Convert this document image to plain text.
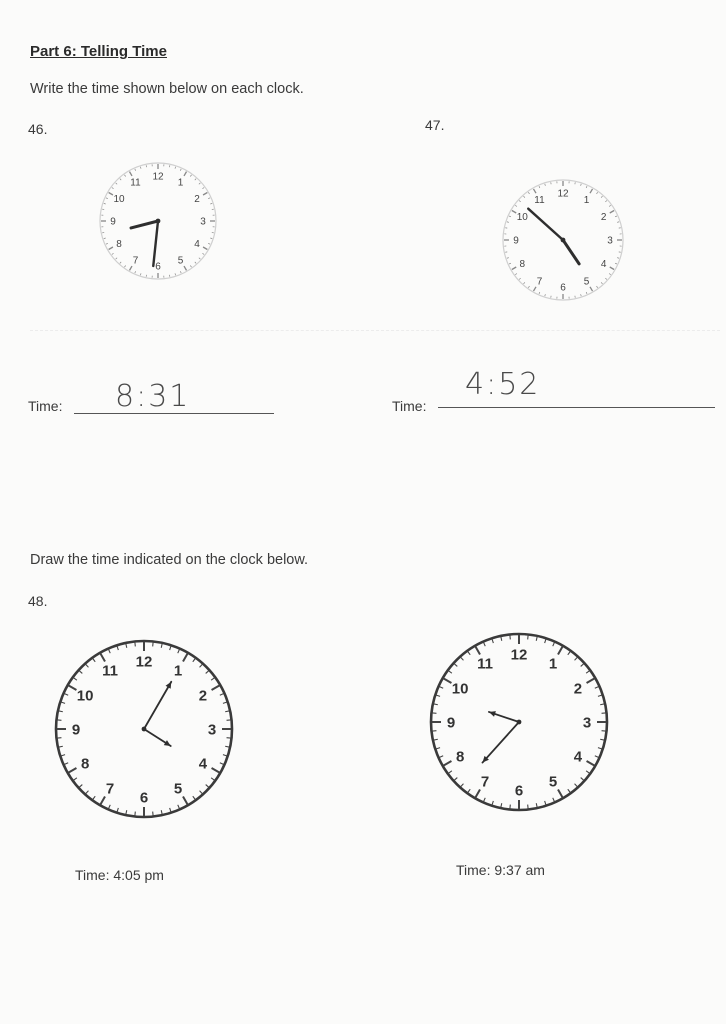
Part 6: Telling Time
Write the time shown below on each clock.
46.
1
2
3
4
5
6
7
8
9
10
11
12
47.
1
2
3
4
5
6
7
8
9
10
11
12
Time: 8:31	Time:
4:52
Draw the time indicated on the clock below.
48.
1
2
3
4
5
6
7
8
9
10
11
12	1
2
3
4
5
6
7
8
9
10
11
12
Time: 4:05 pm	Time: 9:37 am
